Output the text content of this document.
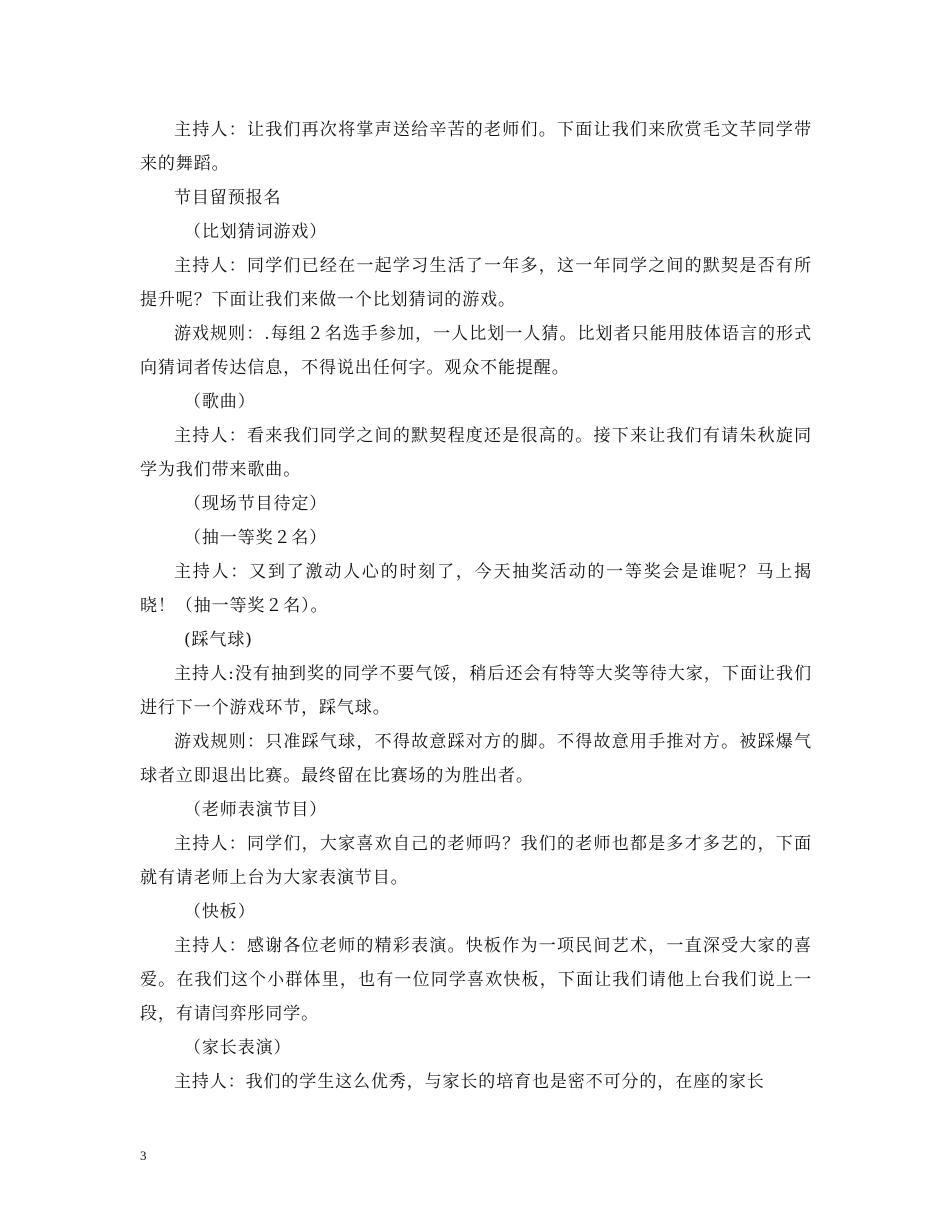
主持人：让我们再次将掌声送给辛苦的老师们。下面让我们来欣赏毛文芊同学带来的舞蹈。

节目留预报名

（比划猜词游戏）

主持人：同学们已经在一起学习生活了一年多，这一年同学之间的默契是否有所提升呢？下面让我们来做一个比划猜词的游戏。

游戏规则：.每组２名选手参加，一人比划一人猜。比划者只能用肢体语言的形式向猜词者传达信息，不得说出任何字。观众不能提醒。

（歌曲）

主持人：看来我们同学之间的默契程度还是很高的。接下来让我们有请朱秋旋同学为我们带来歌曲。

（现场节目待定）

（抽一等奖２名）

主持人：又到了激动人心的时刻了，今天抽奖活动的一等奖会是谁呢？马上揭晓！（抽一等奖２名）。

(踩气球)

主持人:没有抽到奖的同学不要气馁，稍后还会有特等大奖等待大家，下面让我们进行下一个游戏环节，踩气球。

游戏规则：只准踩气球，不得故意踩对方的脚。不得故意用手推对方。被踩爆气球者立即退出比赛。最终留在比赛场的为胜出者。

（老师表演节目）

主持人：同学们，大家喜欢自己的老师吗？我们的老师也都是多才多艺的，下面就有请老师上台为大家表演节目。

（快板）

主持人：感谢各位老师的精彩表演。快板作为一项民间艺术，一直深受大家的喜爱。在我们这个小群体里，也有一位同学喜欢快板，下面让我们请他上台我们说上一段，有请闫弈彤同学。

（家长表演）

主持人：我们的学生这么优秀，与家长的培育也是密不可分的，在座的家长

3
